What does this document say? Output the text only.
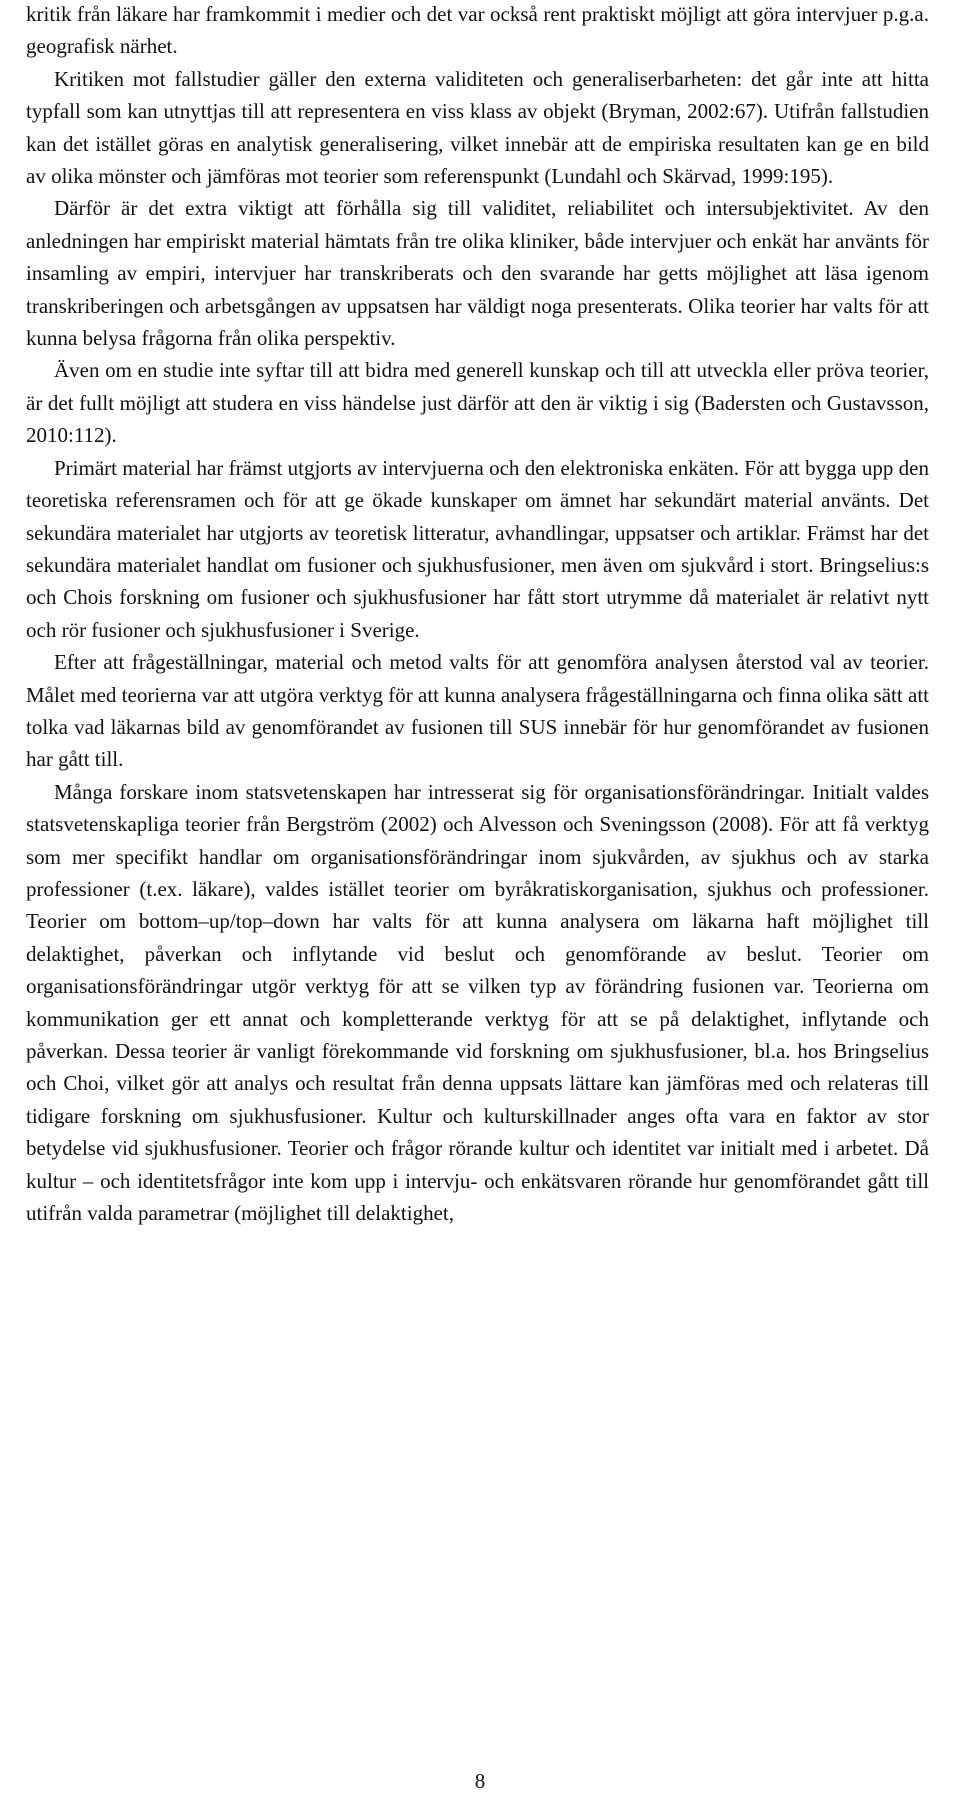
kritik från läkare har framkommit i medier och det var också rent praktiskt möjligt att göra intervjuer p.g.a. geografisk närhet.

Kritiken mot fallstudier gäller den externa validiteten och generaliserbarheten: det går inte att hitta typfall som kan utnyttjas till att representera en viss klass av objekt (Bryman, 2002:67). Utifrån fallstudien kan det istället göras en analytisk generalisering, vilket innebär att de empiriska resultaten kan ge en bild av olika mönster och jämföras mot teorier som referenspunkt (Lundahl och Skärvad, 1999:195).

Därför är det extra viktigt att förhålla sig till validitet, reliabilitet och intersubjektivitet. Av den anledningen har empiriskt material hämtats från tre olika kliniker, både intervjuer och enkät har använts för insamling av empiri, intervjuer har transkriberats och den svarande har getts möjlighet att läsa igenom transkriberingen och arbetsgången av uppsatsen har väldigt noga presenterats. Olika teorier har valts för att kunna belysa frågorna från olika perspektiv.

Även om en studie inte syftar till att bidra med generell kunskap och till att utveckla eller pröva teorier, är det fullt möjligt att studera en viss händelse just därför att den är viktig i sig (Badersten och Gustavsson, 2010:112).

Primärt material har främst utgjorts av intervjuerna och den elektroniska enkäten. För att bygga upp den teoretiska referensramen och för att ge ökade kunskaper om ämnet har sekundärt material använts. Det sekundära materialet har utgjorts av teoretisk litteratur, avhandlingar, uppsatser och artiklar. Främst har det sekundära materialet handlat om fusioner och sjukhusfusioner, men även om sjukvård i stort. Bringselius:s och Chois forskning om fusioner och sjukhusfusioner har fått stort utrymme då materialet är relativt nytt och rör fusioner och sjukhusfusioner i Sverige.

Efter att frågeställningar, material och metod valts för att genomföra analysen återstod val av teorier. Målet med teorierna var att utgöra verktyg för att kunna analysera frågeställningarna och finna olika sätt att tolka vad läkarnas bild av genomförandet av fusionen till SUS innebär för hur genomförandet av fusionen har gått till.

Många forskare inom statsvetenskapen har intresserat sig för organisationsförändringar. Initialt valdes statsvetenskapliga teorier från Bergström (2002) och Alvesson och Sveningsson (2008). För att få verktyg som mer specifikt handlar om organisationsförändringar inom sjukvården, av sjukhus och av starka professioner (t.ex. läkare), valdes istället teorier om byråkratiskorganisation, sjukhus och professioner. Teorier om bottom–up/top–down har valts för att kunna analysera om läkarna haft möjlighet till delaktighet, påverkan och inflytande vid beslut och genomförande av beslut. Teorier om organisationsförändringar utgör verktyg för att se vilken typ av förändring fusionen var. Teorierna om kommunikation ger ett annat och kompletterande verktyg för att se på delaktighet, inflytande och påverkan. Dessa teorier är vanligt förekommande vid forskning om sjukhusfusioner, bl.a. hos Bringselius och Choi, vilket gör att analys och resultat från denna uppsats lättare kan jämföras med och relateras till tidigare forskning om sjukhusfusioner. Kultur och kulturskillnader anges ofta vara en faktor av stor betydelse vid sjukhusfusioner. Teorier och frågor rörande kultur och identitet var initialt med i arbetet. Då kultur – och identitetsfrågor inte kom upp i intervju- och enkätsvaren rörande hur genomförandet gått till utifrån valda parametrar (möjlighet till delaktighet,

8
